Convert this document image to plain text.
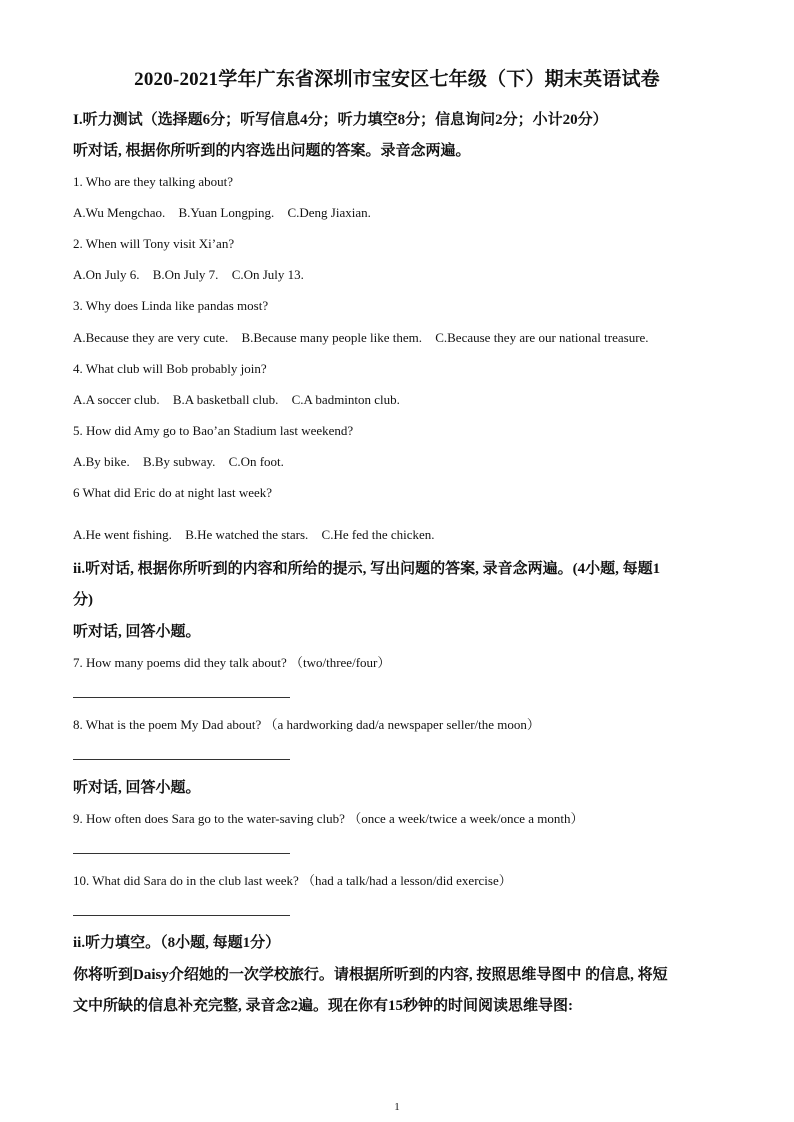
2020-2021学年广东省深圳市宝安区七年级（下）期末英语试卷
I.听力测试（选择题6分；听写信息4分；听力填空8分；信息询问2分；小计20分）
听对话, 根据你所听到的内容选出问题的答案。录音念两遍。
1. Who are they talking about?
A.Wu Mengchao. B.Yuan Longping. C.Deng Jiaxian.
2. When will Tony visit Xi’an?
A.On July 6. B.On July 7. C.On July 13.
3. Why does Linda like pandas most?
A.Because they are very cute. B.Because many people like them. C.Because they are our national treasure.
4. What club will Bob probably join?
A.A soccer club. B.A basketball club. C.A badminton club.
5. How did Amy go to Bao’an Stadium last weekend?
A.By bike. B.By subway. C.On foot.
6 What did Eric do at night last week?
A.He went fishing. B.He watched the stars. C.He fed the chicken.
ii.听对话, 根据你所听到的内容和所给的提示, 写出问题的答案, 录音念两遍。(4小题, 每题1
分)
听对话, 回答小题。
7. How many poems did they talk about? （two/three/four）
8. What is the poem My Dad about? （a hardworking dad/a newspaper seller/the moon）
听对话, 回答小题。
9. How often does Sara go to the water-saving club? （once a week/twice a week/once a month）
10. What did Sara do in the club last week? （had a talk/had a lesson/did exercise）
ii.听力填空。（8小题, 每题1分）
你将听到Daisy介绍她的一次学校旅行。请根据所听到的内容, 按照思维导图中 的信息, 将短
文中所缺的信息补充完整, 录音念2遍。现在你有15秒钟的时间阅读思维导图:
1
